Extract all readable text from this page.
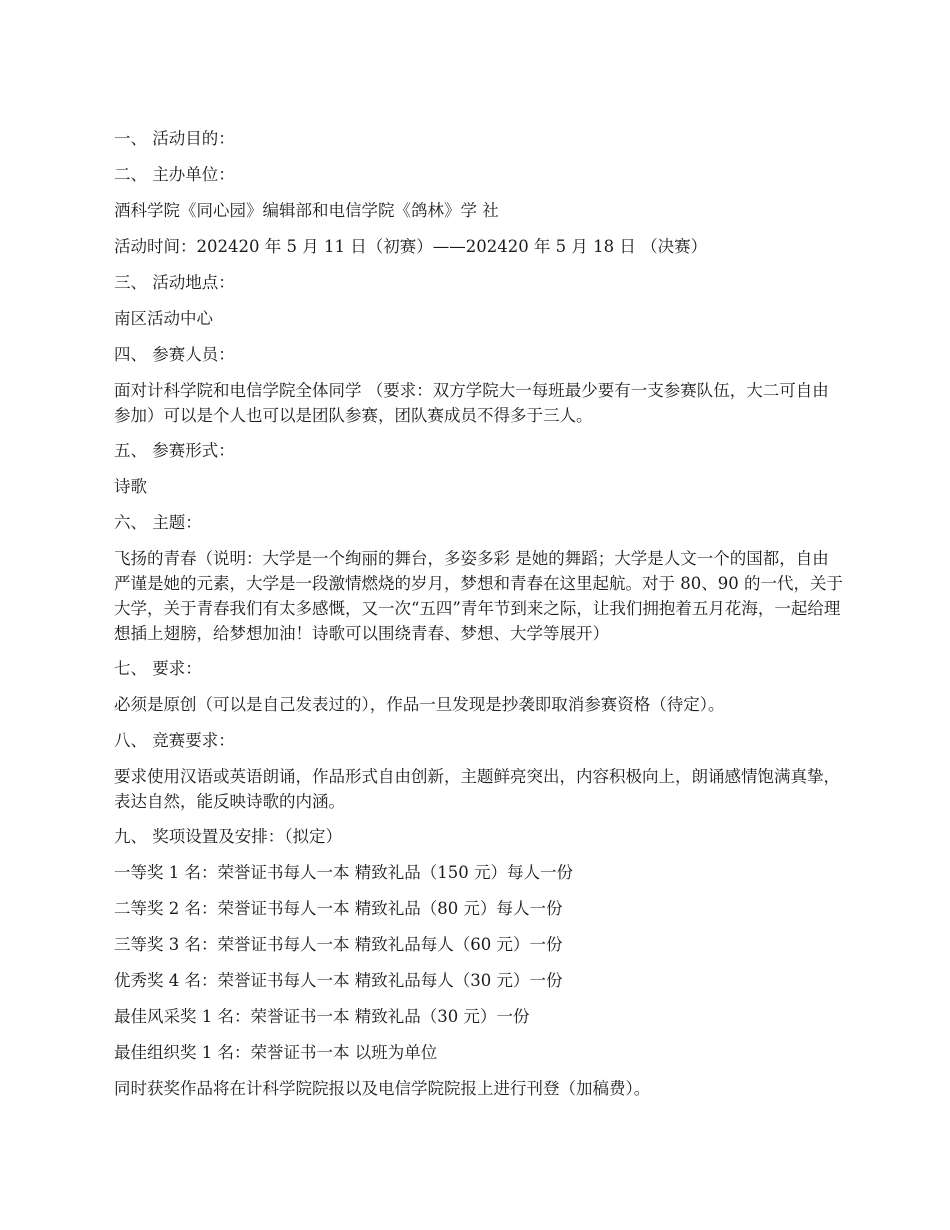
一、 活动目的：

二、 主办单位：

酒科学院《同心园》编辑部和电信学院《鸽林》学 社

活动时间：202420 年 5 月 11 日（初赛）——202420 年 5 月 18 日 （决赛）

三、 活动地点：

南区活动中心

四、 参赛人员：

面对计科学院和电信学院全体同学 （要求：双方学院大一每班最少要有一支参赛队伍，大二可自由参加）可以是个人也可以是团队参赛，团队赛成员不得多于三人。

五、 参赛形式：

诗歌

六、 主题：

飞扬的青春（说明：大学是一个绚丽的舞台，多姿多彩 是她的舞蹈；大学是人文一个的国都，自由严谨是她的元素，大学是一段激情燃烧的岁月，梦想和青春在这里起航。对于 80、90 的一代，关于大学，关于青春我们有太多感慨，又一次“五四”青年节到来之际，让我们拥抱着五月花海，一起给理想插上翅膀，给梦想加油！诗歌可以围绕青春、梦想、大学等展开）

七、 要求：

必须是原创（可以是自己发表过的），作品一旦发现是抄袭即取消参赛资格（待定）。

八、 竞赛要求：

要求使用汉语或英语朗诵，作品形式自由创新，主题鲜亮突出，内容积极向上，朗诵感情饱满真挚，表达自然，能反映诗歌的内涵。

九、 奖项设置及安排：（拟定）

一等奖 1 名：荣誉证书每人一本 精致礼品（150 元）每人一份

二等奖 2 名：荣誉证书每人一本 精致礼品（80 元）每人一份

三等奖 3 名：荣誉证书每人一本 精致礼品每人（60 元）一份

优秀奖 4 名：荣誉证书每人一本 精致礼品每人（30 元）一份

最佳风采奖 1 名：荣誉证书一本 精致礼品（30 元）一份

最佳组织奖 1 名：荣誉证书一本 以班为单位

同时获奖作品将在计科学院院报以及电信学院院报上进行刊登（加稿费）。
